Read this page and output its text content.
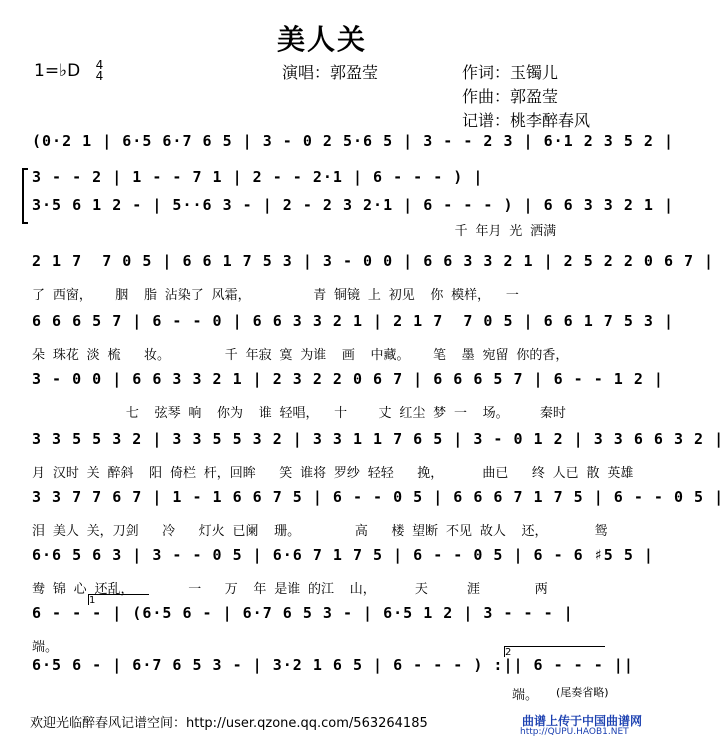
美人关
1=♭D 4
4	演唱：郭盈莹	作词：玉镯儿
作曲：郭盈莹
记谱：桃李醉春风
(0·2 1 | 6·5 6·7 6 5 | 3 - 0 2 5·6 5 | 3 - - 2 3 | 6·1 2 3 5 2 |
3 - - 2 | 1 - - 7 1 | 2 - - 2·1 | 6 - - - ) |
3·5 6 1 2 - | 5··6 3 - | 2 - 2 3 2·1 | 6 - - - ) | 6 6 3 3 2 1 |
千 年月 光 洒满
2 1 7  7 0 5 | 6 6 1 7 5 3 | 3 - 0 0 | 6 6 3 3 2 1 | 2 5 2 2 0 6 7 |
了 西窗，   胭  脂 沾染了 风霜，        青 铜镜 上 初见  你 模样，  一
6 6 6 5 7 | 6 - - 0 | 6 6 3 3 2 1 | 2 1 7  7 0 5 | 6 6 1 7 5 3 |
朵 珠花 淡 梳   妆。       千 年寂 寞 为谁  画  中藏。   笔  墨 宛留 你的香，
3 - 0 0 | 6 6 3 3 2 1 | 2 3 2 2 0 6 7 | 6 6 6 5 7 | 6 - - 1 2 |
七  弦琴 响  你为  谁 轻唱，  十    丈 红尘 梦 一  场。    秦时
3 3 5 5 3 2 | 3 3 5 5 3 2 | 3 3 1 1 7 6 5 | 3 - 0 1 2 | 3 3 6 6 3 2 |
月 汉时 关 醉斜  阳 倚栏 杆，回眸   笑 谁将 罗纱 轻轻   挽，     曲已   终 人已 散 英雄
3 3 7 7 6 7 | 1 - 1 6 6 7 5 | 6 - - 0 5 | 6 6 6 7 1 7 5 | 6 - - 0 5 |
泪 美人 关，刀剑   冷   灯火 已阑  珊。       高   楼 望断 不见 故人  还，      鸳
6·6 5 6 3 | 3 - - 0 5 | 6·6 7 1 7 5 | 6 - - 0 5 | 6 - 6 ♯5 5 |
鸯 锦 心 还乱，       一   万  年 是谁 的江  山，     天     涯       两
1
6 - - - | (6·5 6 - | 6·7 6 5 3 - | 6·5 1 2 | 3 - - - |
端。	2
6·5 6 - | 6·7 6 5 3 - | 3·2 1 6 5 | 6 - - - ) :|| 6 - - - ||
端。 (尾奏省略)
欢迎光临醉春风记谱空间：http://user.qzone.qq.com/563264185	曲谱上传于中国曲谱网
http://QUPU.HAOB1.NET
